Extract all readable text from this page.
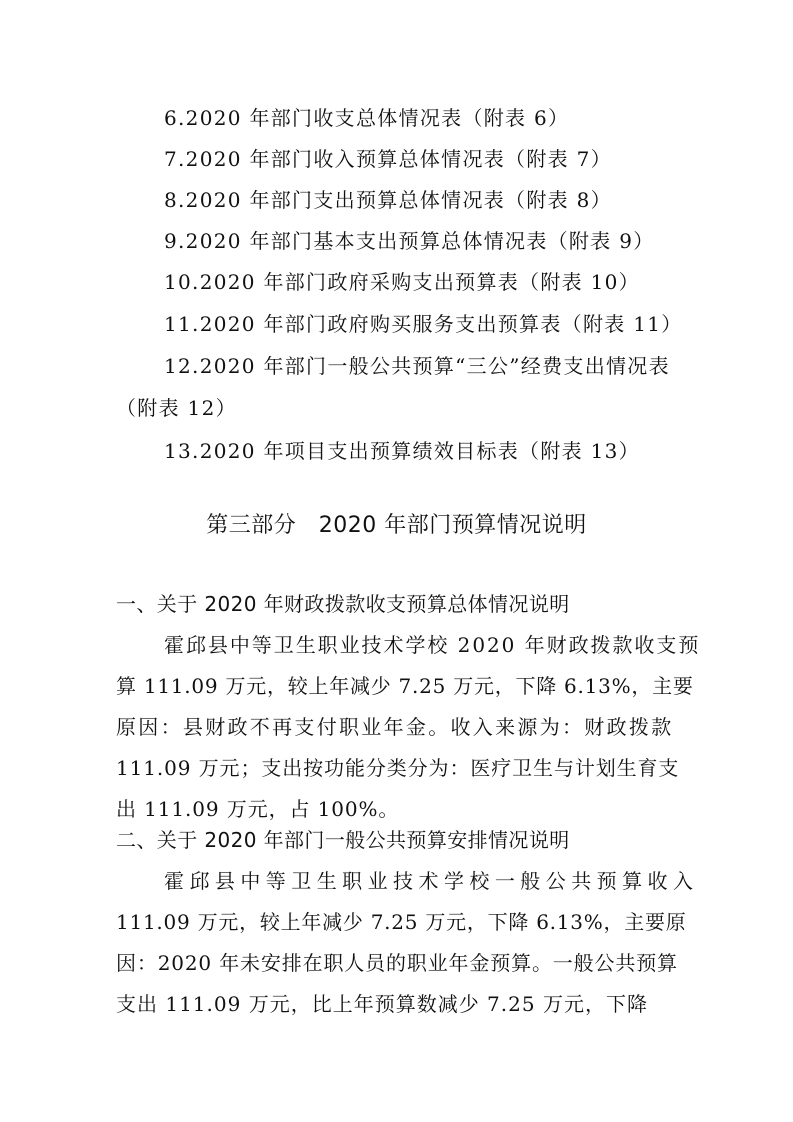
6.2020 年部门收支总体情况表（附表 6）
7.2020 年部门收入预算总体情况表（附表 7）
8.2020 年部门支出预算总体情况表（附表 8）
9.2020 年部门基本支出预算总体情况表（附表 9）
10.2020 年部门政府采购支出预算表（附表 10）
11.2020 年部门政府购买服务支出预算表（附表 11）
12.2020 年部门一般公共预算“三公”经费支出情况表
（附表 12）
13.2020 年项目支出预算绩效目标表（附表 13）
第三部分　2020 年部门预算情况说明
一、关于 2020 年财政拨款收支预算总体情况说明
霍邱县中等卫生职业技术学校 2020 年财政拨款收支预
算 111.09 万元，较上年减少 7.25 万元，下降 6.13%，主要
原因：县财政不再支付职业年金。收入来源为：财政拨款
111.09 万元；支出按功能分类分为：医疗卫生与计划生育支
出 111.09 万元，占 100%。
二、关于 2020 年部门一般公共预算安排情况说明
霍邱县中等卫生职业技术学校一般公共预算收入
111.09 万元，较上年减少 7.25 万元，下降 6.13%，主要原
因：2020 年未安排在职人员的职业年金预算。一般公共预算
支出 111.09 万元，比上年预算数减少 7.25 万元，下降
